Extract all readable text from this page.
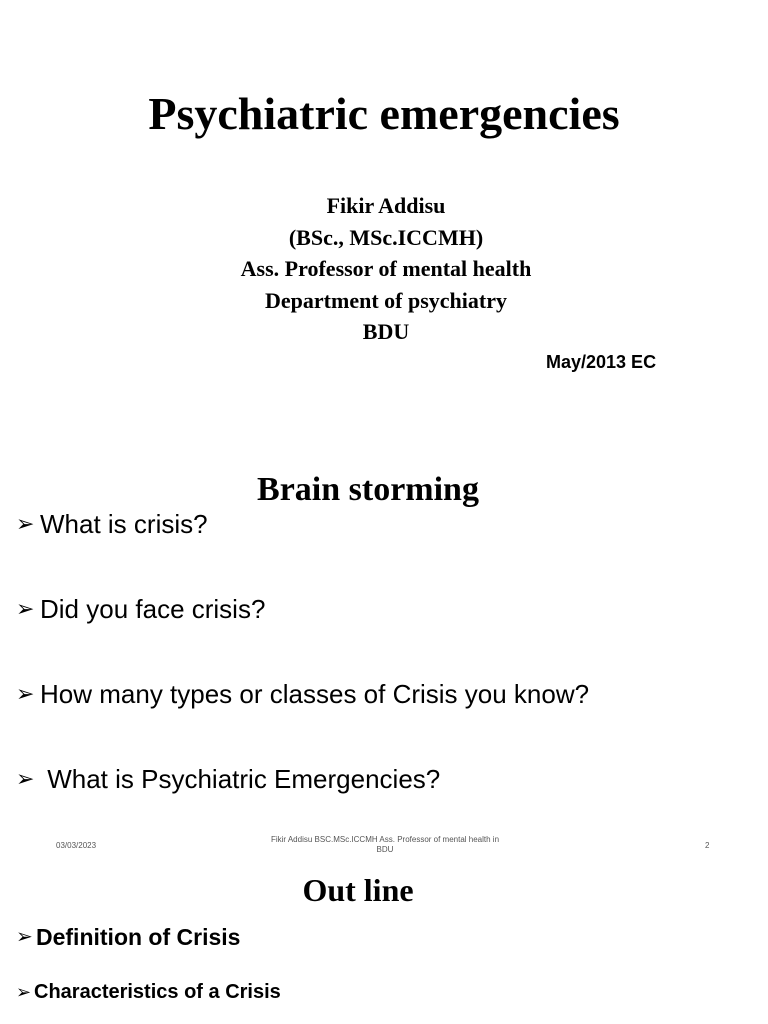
Psychiatric emergencies
Fikir Addisu
(BSc., MSc.ICCMH)
Ass. Professor of mental health
Department of psychiatry
BDU
May/2013 EC
Brain storming
➢ What is crisis?
➢ Did you face crisis?
➢ How many types or classes of Crisis you know?
➢ What is Psychiatric Emergencies?
03/03/2023
Fikir Addisu BSC.MSc.ICCMH Ass. Professor of mental health in
BDU	2
Out line
➢ Definition of Crisis
➢ Characteristics of a Crisis
